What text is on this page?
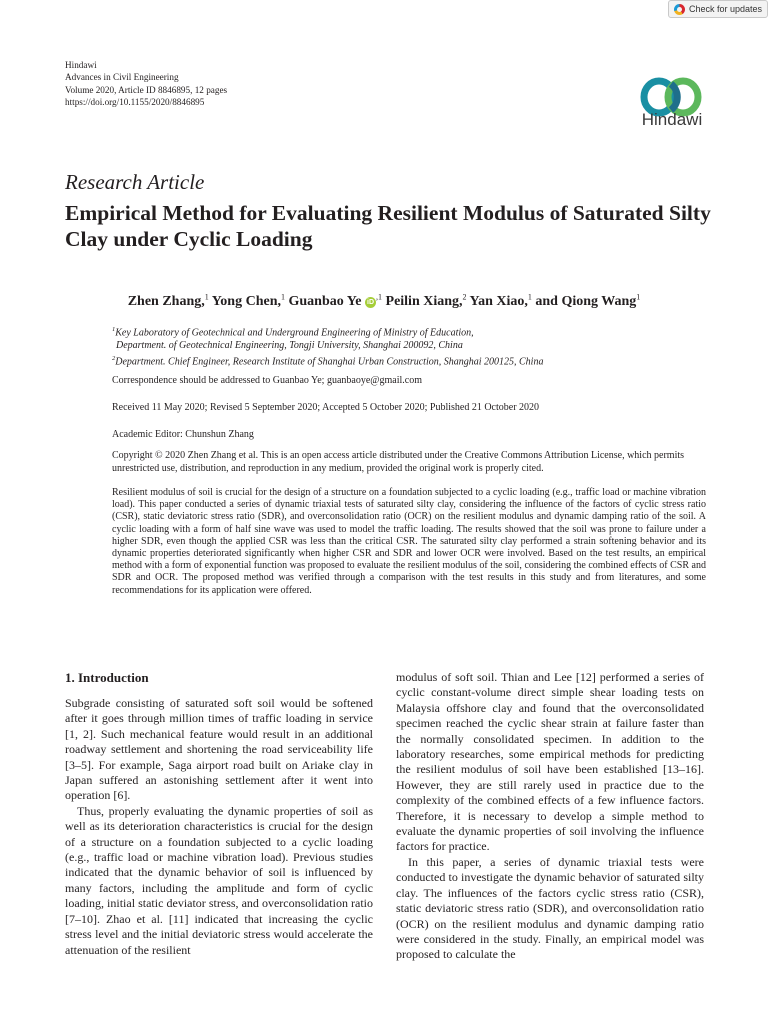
Check for updates
Hindawi
Advances in Civil Engineering
Volume 2020, Article ID 8846895, 12 pages
https://doi.org/10.1155/2020/8846895
Hindawi
Research Article
Empirical Method for Evaluating Resilient Modulus of Saturated Silty Clay under Cyclic Loading
Zhen Zhang,$^1$ Yong Chen,$^1$ Guanbao Ye $iD^{,1}$ Peilin Xiang,$^2$ Yan Xiao,$^1$ and Qiong Wang$^1$
$^1$Key Laboratory of Geotechnical and Underground Engineering of Ministry of Education,
Department. of Geotechnical Engineering, Tongji University, Shanghai 200092, China
$^2$Department. Chief Engineer, Research Institute of Shanghai Urban Construction, Shanghai 200125, China
Correspondence should be addressed to Guanbao Ye; guanbaoye@gmail.com
Received 11 May 2020; Revised 5 September 2020; Accepted 5 October 2020; Published 21 October 2020
Academic Editor: Chunshun Zhang
Copyright © 2020 Zhen Zhang et al. This is an open access article distributed under the Creative Commons Attribution License, which permits unrestricted use, distribution, and reproduction in any medium, provided the original work is properly cited.
Resilient modulus of soil is crucial for the design of a structure on a foundation subjected to a cyclic loading (e.g., traffic load or machine vibration load). This paper conducted a series of dynamic triaxial tests of saturated silty clay, considering the influence of the factors of cyclic stress ratio (CSR), static deviatoric stress ratio (SDR), and overconsolidation ratio (OCR) on the resilient modulus and dynamic damping ratio of the soil. A cyclic loading with a form of half sine wave was used to model the traffic loading. The results showed that the soil was prone to failure under a higher SDR, even though the applied CSR was less than the critical CSR. The saturated silty clay performed a strain softening behavior and its dynamic properties deteriorated significantly when higher CSR and SDR and lower OCR were involved. Based on the test results, an empirical method with a form of exponential function was proposed to evaluate the resilient modulus of the soil, considering the combined effects of CSR and SDR and OCR. The proposed method was verified through a comparison with the test results in this study and from literatures, and some recommendations for its application were offered.
1. Introduction

Subgrade consisting of saturated soft soil would be softened after it goes through million times of traffic loading in service [1, 2]. Such mechanical feature would result in an additional roadway settlement and shortening the road serviceability life [3–5]. For example, Saga airport road built on Ariake clay in Japan suffered an astonishing settlement after it went into operation [6].

Thus, properly evaluating the dynamic properties of soil as well as its deterioration characteristics is crucial for the design of a structure on a foundation subjected to a cyclic loading (e.g., traffic load or machine vibration load). Previous studies indicated that the dynamic behavior of soil is influenced by many factors, including the amplitude and form of cyclic loading, initial static deviator stress, and overconsolidation ratio [7–10]. Zhao et al. [11] indicated that increasing the cyclic stress level and the initial deviatoric stress would accelerate the attenuation of the resilient

modulus of soft soil. Thian and Lee [12] performed a series of cyclic constant-volume direct simple shear loading tests on Malaysia offshore clay and found that the overconsolidated specimen reached the cyclic shear strain at failure faster than the normally consolidated specimen. In addition to the laboratory researches, some empirical methods for predicting the resilient modulus of soil have been established [13–16]. However, they are still rarely used in practice due to the complexity of the combined effects of a few influence factors. Therefore, it is necessary to develop a simple method to evaluate the dynamic properties of soil involving the influence factors for practice.

In this paper, a series of dynamic triaxial tests were conducted to investigate the dynamic behavior of saturated silty clay. The influences of the factors cyclic stress ratio (CSR), static deviatoric stress ratio (SDR), and overconsolidation ratio (OCR) on the resilient modulus and dynamic damping ratio were considered in the study. Finally, an empirical model was proposed to calculate the
